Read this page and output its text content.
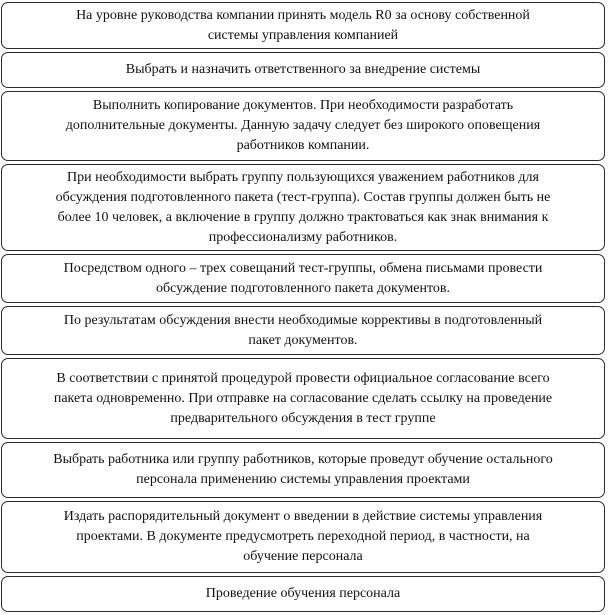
На уровне руководства компании принять модель R0 за основу собственной
системы управления компанией
Выбрать и назначить ответственного за внедрение системы
Выполнить копирование документов. При необходимости разработать
дополнительные документы. Данную задачу следует без широкого оповещения
работников компании.
При необходимости выбрать группу пользующихся уважением работников для
обсуждения подготовленного пакета (тест-группа). Состав группы должен быть не
более 10 человек, а включение в группу должно трактоваться как знак внимания к
профессионализму работников.
Посредством одного – трех совещаний тест-группы, обмена письмами провести
обсуждение подготовленного пакета документов.
По результатам обсуждения внести необходимые коррективы в подготовленный
пакет документов.
В соответствии с принятой процедурой провести официальное согласование всего
пакета одновременно. При отправке на согласование сделать ссылку на проведение
предварительного обсуждения в тест группе
Выбрать работника или группу работников, которые проведут обучение остального
персонала применению системы управления проектами
Издать распорядительный документ о введении в действие системы управления
проектами. В документе предусмотреть переходной период, в частности, на
обучение персонала
Проведение обучения персонала
